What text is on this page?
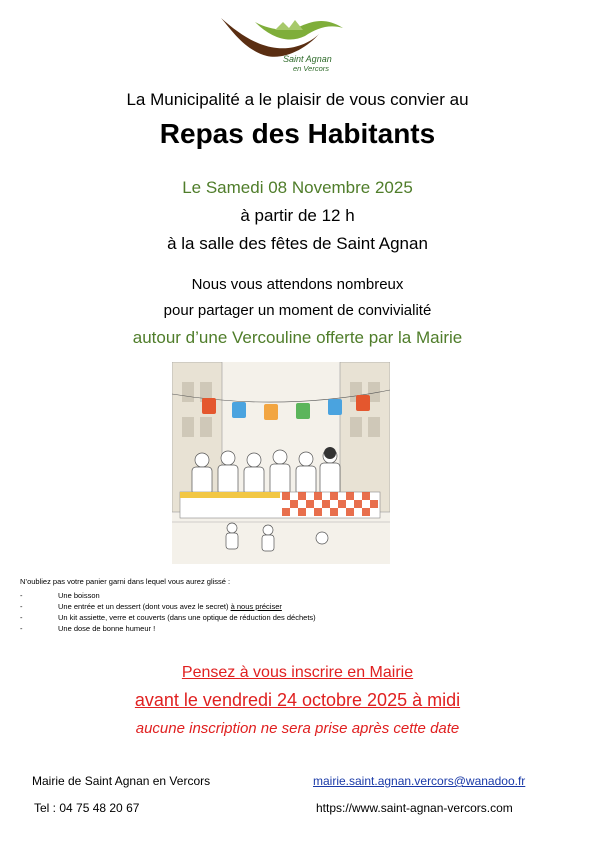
Saint Agnan
en Vercors
La Municipalité a le plaisir de vous convier au
Repas des Habitants
Le Samedi 08 Novembre 2025
à partir de 12 h
à la salle des fêtes de Saint Agnan
Nous vous attendons nombreux
pour partager un moment de convivialité
autour d’une Vercouline offerte par la Mairie
N’oubliez pas votre panier garni dans lequel vous aurez glissé :
-	Une boisson
-	Une entrée et un dessert (dont vous avez le secret) à nous préciser
-	Un kit assiette, verre et couverts (dans une optique de réduction des déchets)
-	Une dose de bonne humeur !
Pensez à vous inscrire en Mairie
avant le vendredi 24 octobre 2025 à midi
aucune inscription ne sera prise après cette date
Mairie de Saint Agnan en Vercors	mairie.saint.agnan.vercors@wanadoo.fr
Tel : 04 75 48 20 67	https://www.saint-agnan-vercors.com
